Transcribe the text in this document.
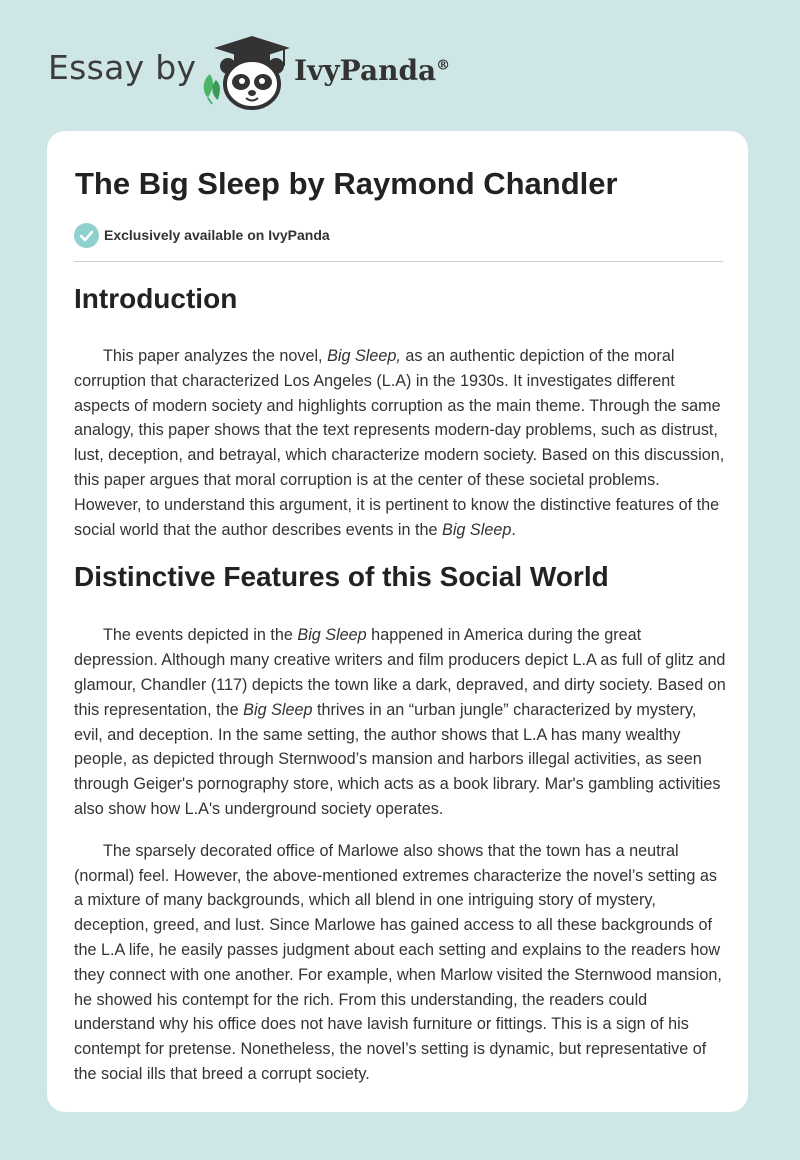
Essay by	IvyPanda®
The Big Sleep by Raymond Chandler
Exclusively available on IvyPanda
Introduction

This paper analyzes the novel, Big Sleep, as an authentic depiction of the moral corruption that characterized Los Angeles (L.A) in the 1930s. It investigates different aspects of modern society and highlights corruption as the main theme. Through the same analogy, this paper shows that the text represents modern-day problems, such as distrust, lust, deception, and betrayal, which characterize modern society. Based on this discussion, this paper argues that moral corruption is at the center of these societal problems. However, to understand this argument, it is pertinent to know the distinctive features of the social world that the author describes events in the Big Sleep.

Distinctive Features of this Social World

The events depicted in the Big Sleep happened in America during the great depression. Although many creative writers and film producers depict L.A as full of glitz and glamour, Chandler (117) depicts the town like a dark, depraved, and dirty society. Based on this representation, the Big Sleep thrives in an “urban jungle” characterized by mystery, evil, and deception. In the same setting, the author shows that L.A has many wealthy people, as depicted through Sternwood’s mansion and harbors illegal activities, as seen through Geiger's pornography store, which acts as a book library. Mar's gambling activities also show how L.A's underground society operates.

The sparsely decorated office of Marlowe also shows that the town has a neutral (normal) feel. However, the above-mentioned extremes characterize the novel’s setting as a mixture of many backgrounds, which all blend in one intriguing story of mystery, deception, greed, and lust. Since Marlowe has gained access to all these backgrounds of the L.A life, he easily passes judgment about each setting and explains to the readers how they connect with one another. For example, when Marlow visited the Sternwood mansion, he showed his contempt for the rich. From this understanding, the readers could understand why his office does not have lavish furniture or fittings. This is a sign of his contempt for pretense. Nonetheless, the novel’s setting is dynamic, but representative of the social ills that breed a corrupt society.
